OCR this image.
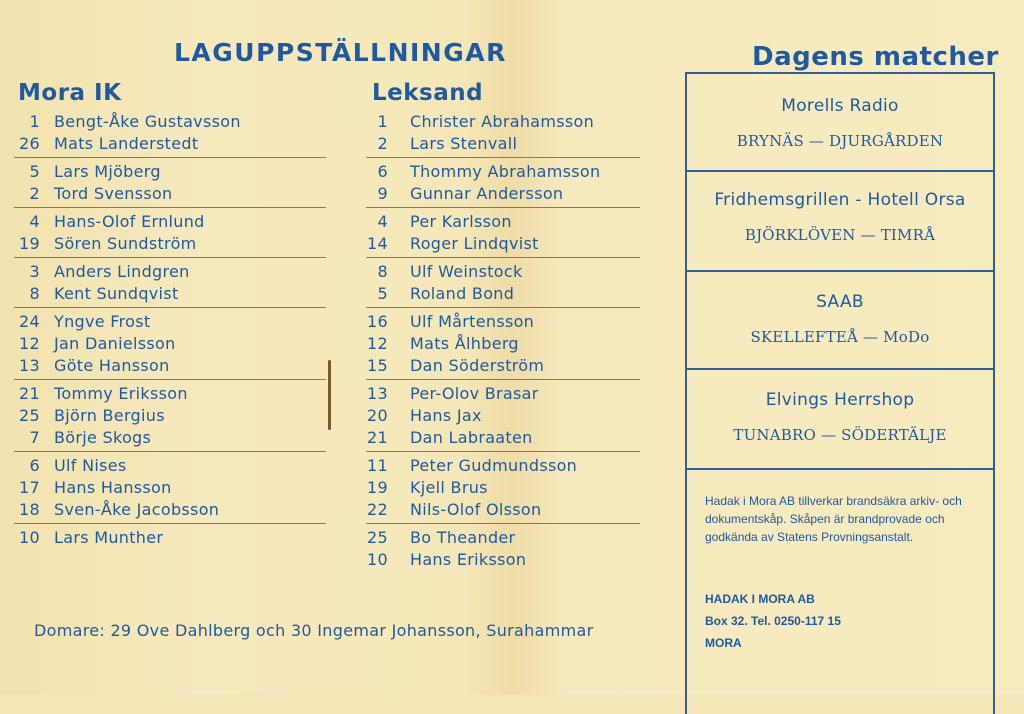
LAGUPPSTÄLLNINGAR
Mora IK	Leksand
1 Bengt-Åke Gustavsson
26 Mats Landerstedt
5 Lars Mjöberg
2 Tord Svensson
4 Hans-Olof Ernlund
19 Sören Sundström
3 Anders Lindgren
8 Kent Sundqvist
24 Yngve Frost
12 Jan Danielsson
13 Göte Hansson
21 Tommy Eriksson
25 Björn Bergius
7 Börje Skogs
6 Ulf Nises
17 Hans Hansson
18 Sven-Åke Jacobsson
10 Lars Munther
1 Christer Abrahamsson
2 Lars Stenvall
6 Thommy Abrahamsson
9 Gunnar Andersson
4 Per Karlsson
14 Roger Lindqvist
8 Ulf Weinstock
5 Roland Bond
16 Ulf Mårtensson
12 Mats Ålhberg
15 Dan Söderström
13 Per-Olov Brasar
20 Hans Jax
21 Dan Labraaten
11 Peter Gudmundsson
19 Kjell Brus
22 Nils-Olof Olsson
25 Bo Theander
10 Hans Eriksson
Domare: 29 Ove Dahlberg och 30 Ingemar Johansson, Surahammar
Dagens matcher
Morells Radio
BRYNÄS — DJURGÅRDEN
Fridhemsgrillen - Hotell Orsa
BJÖRKLÖVEN — TIMRÅ
SAAB
SKELLEFTEÅ — MoDo
Elvings Herrshop
TUNABRO — SÖDERTÄLJE
Hadak i Mora AB tillverkar brandsäkra arkiv- och dokumentskåp. Skåpen är brandprovade och godkända av Statens Provningsanstalt.
HADAK I MORA AB
Box 32. Tel. 0250-117 15
MORA
